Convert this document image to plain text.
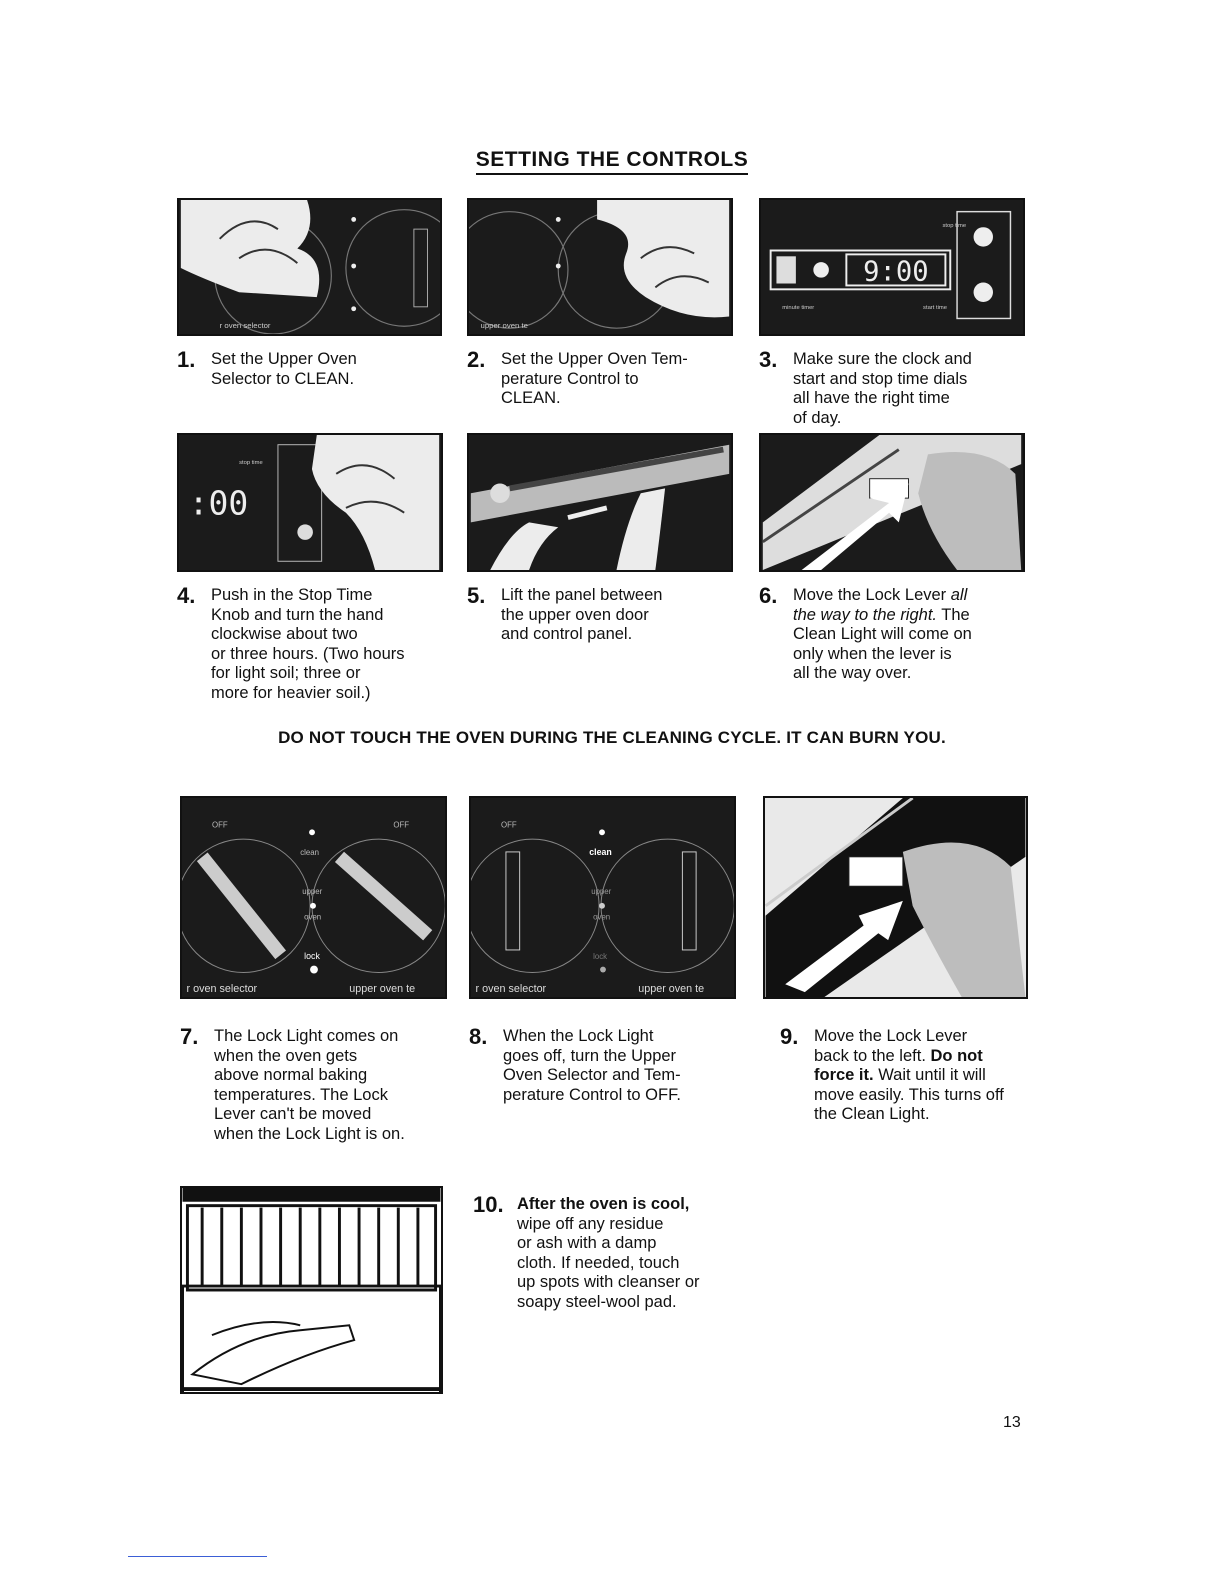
SETTING THE CONTROLS
r oven selector	upper oven te
9:00
stop time
start time
minute timer
1. Set the Upper Oven
Selector to CLEAN.
2. Set the Upper Oven Tem-
perature Control to
CLEAN.
3. Make sure the clock and
start and stop time dials
all have the right time
of day.
:00
stop time
4. Push in the Stop Time
Knob and turn the hand
clockwise about two
or three hours. (Two hours
for light soil; three or
more for heavier soil.)
5. Lift the panel between
the upper oven door
and control panel.
6. Move the Lock Lever all
the way to the right. The
Clean Light will come on
only when the lever is
all the way over.
DO NOT TOUCH THE OVEN DURING THE CLEANING CYCLE. IT CAN BURN YOU.
OFF	OFF
clean
upper
oven
lock
r oven selector	upper oven te
OFF
clean
upper
oven
lock
r oven selector	upper oven te
7. The Lock Light comes on
when the oven gets
above normal baking
temperatures. The Lock
Lever can't be moved
when the Lock Light is on.
8. When the Lock Light
goes off, turn the Upper
Oven Selector and Tem-
perature Control to OFF.
9. Move the Lock Lever
back to the left. Do not
force it. Wait until it will
move easily. This turns off
the Clean Light.
10. After the oven is cool,
wipe off any residue
or ash with a damp
cloth. If needed, touch
up spots with cleanser or
soapy steel-wool pad.
13
